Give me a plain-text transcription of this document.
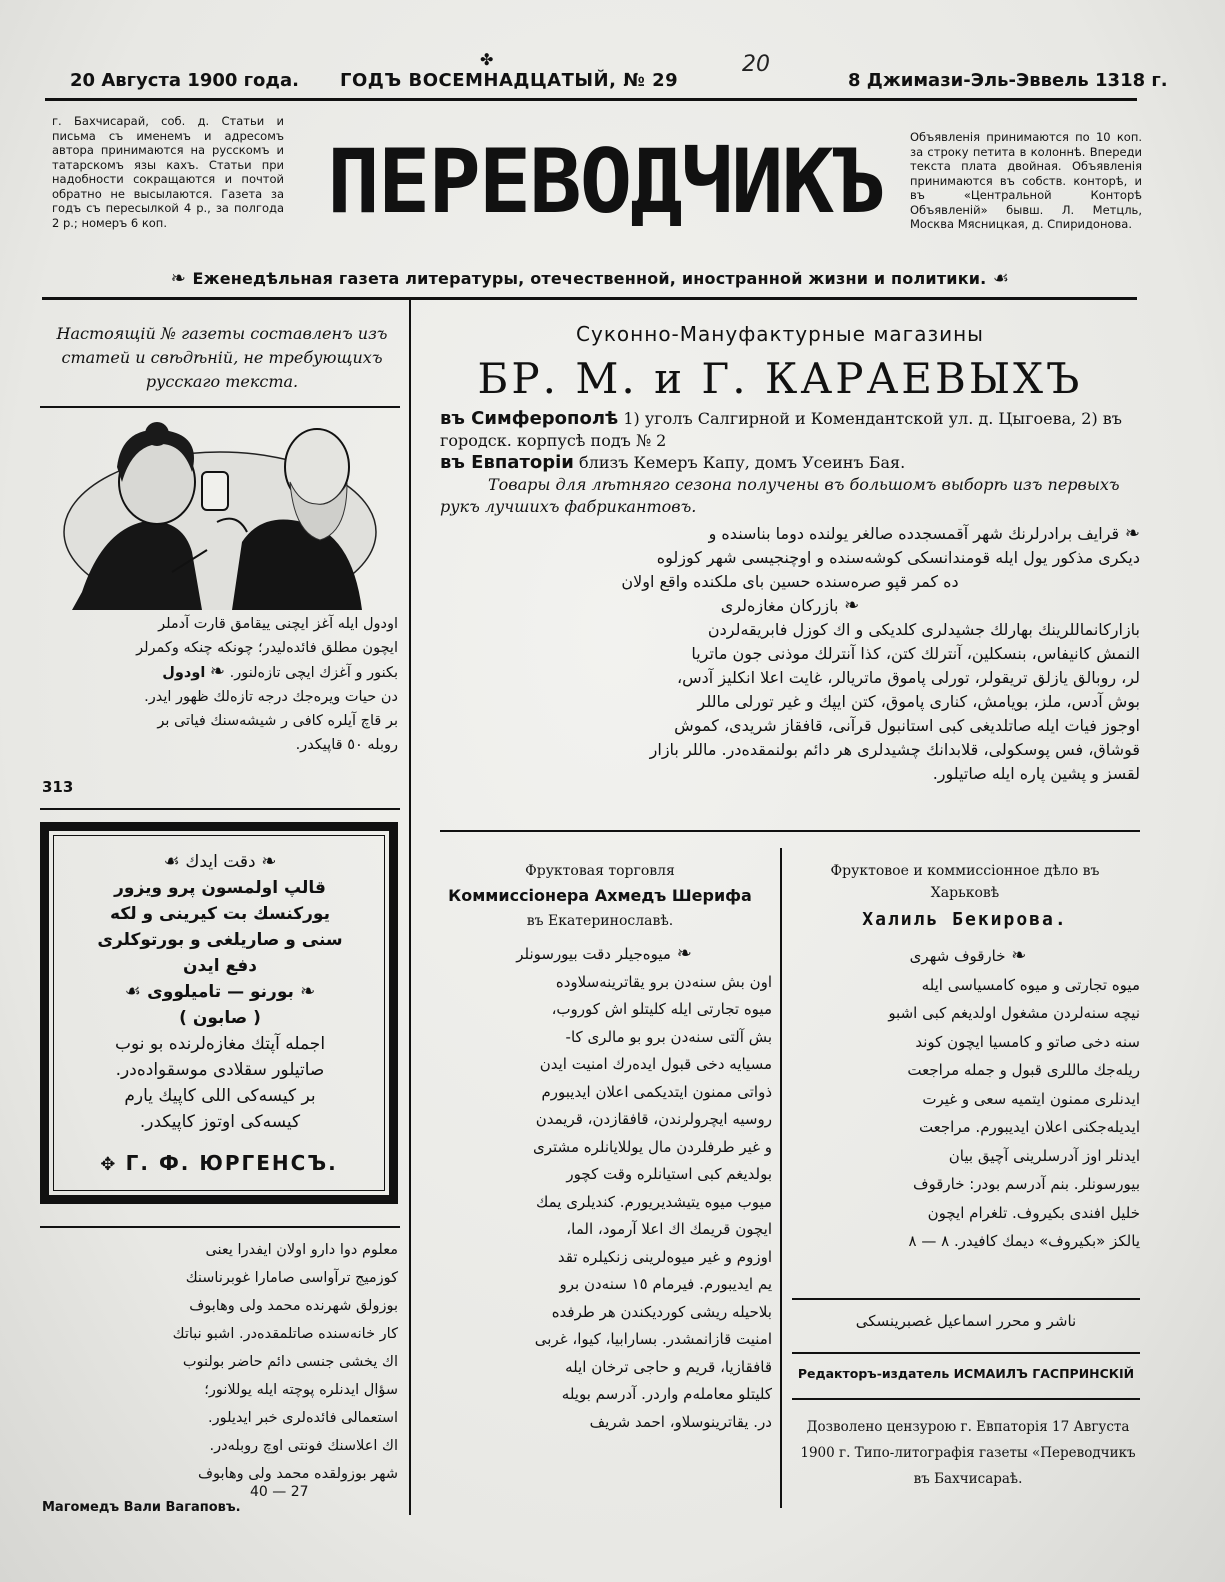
20 Августа 1900 года. ГОДЪ ВОСЕМНАДЦАТЫЙ, № 29
20
8 Джимази-Эль-Эввель 1318 г.
✤
г. Бахчисарай, соб. д. Статьи и письма съ именемъ и адресомъ автора принимаются на русскомъ и татарскомъ язы кахъ. Статьи при надобности сокращаются и почтой обратно не высылаются. Газета за годъ съ пересылкой 4 р., за полгода 2 р.; номеръ 6 коп.	ПЕРЕВОДЧИКЪ	Объявленія принимаются по 10 коп. за строку петита в колоннѣ. Впереди текста плата двойная. Объявленія принимаются въ собств. конторѣ, и въ «Центральной Конторѣ Объявленій» бывш. Л. Метцль, Москва Мясницкая, д. Спиридонова.
❧ Еженедѣльная газета литературы, отечественной, иностранной жизни и политики. ☙
Настоящій № газеты составленъ изъ
статей и свѣдѣній, не требующихъ
русскаго текста.
اودول ایله آغز ایچنی ییقامق قارت آدملر
ایچون مطلق فائدەلیدر؛ چونکه چنکه وکمرلر
بکنور و آغزك ایچی تازەلنور. ❧ اودول
دن حیات ویرەجك درجه تازەلك ظهور ایدر.
بر قاچ آیلره کافی ر شیشەسنك فیاتی بر
روبله ٥٠ قاپیکدر.
313
❧ دقت ایدك ☙
قالپ اولمسون پرو ویزور
یورکنسك بت کیرینی و لکه
سنی و صاریلغی و بورتوکلری
دفع ایدن
❧ بورنو — تامیلووی ☙
( صابون )
اجمله آپتك مغازەلرنده بو نوب
صاتیلور سقلادی موسقوادەدر.
بر کیسەکی اللی کاپیك یارم
کیسەکی اوتوز کاپیکدر.
✥ Г. Ф. ЮРГЕНСЪ.
معلوم دوا دارو اولان ایفدرا یعنی
کوزمیج ترآواسی صامارا غوبرناسنك
بوزولق شهرنده محمد ولی وهابوف
کار خانەسنده صاتلمقدەدر. اشبو نباتك
اك یخشی جنسی دائم حاضر بولنوب
سؤال ایدنلره پوچته ایله یوللانور؛
استعمالی فائدەلری خبر ایدیلور.
اك اعلاسنك فونتی اوچ روبلەدر.
شهر بوزولقده محمد ولی وهابوف
40 — 27
Магомедъ Вали Вагаповъ.
Суконно-Мануфактурные магазины
БР. М. и Г. КАРАЕВЫХЪ
въ Симферополѣ 1) уголъ Салгирной и Комендантской ул. д. Цыгоева, 2) въ городск. корпусѣ подъ № 2
въ Евпаторіи близъ Кемеръ Капу, домъ Усеинъ Бая.
Товары для лѣтняго сезона получены въ большомъ выборѣ изъ первыхъ рукъ лучшихъ фабрикантовъ.
❧ قرایف برادرلرنك شهر آقمسجدده صالغر یولنده دوما بناسنده و
دیکری مذکور یول ایله قومندانسکی کوشەسنده و اوچنجیسی شهر کوزلوه
ده کمر قپو صرەسنده حسین بای ملکنده واقع اولان
❧ بازرکان مغازەلری
بازارکانماللرینك بهارلك جشیدلری کلدیکی و اك کوزل فابریقەلردن
النمش کانیفاس، بنسکلین، آنترلك کتن، کذا آنترلك موذنی جون ماتریا
لر، روبالق یازلق تریقولر، تورلی پاموق ماتریالر، غایت اعلا انکلیز آدس،
بوش آدس، ملز، بویامش، کناری پاموق، کتن ایپك و غیر تورلی ماللر
اوجوز فیات ایله صاتلدیغی کبی استانبول قرآنی، قافقاز شریدی، کموش
قوشاق، فس پوسکولی، قلابدانك چشیدلری هر دائم بولنمقدەدر. ماللر بازار
لقسز و پشین پاره ایله صاتیلور.
Фруктовая торговля
Коммиссіонера Ахмедъ Шерифа
въ Екатеринославѣ.
❧ میوەجیلر دقت بیورسونلر
اون بش سنەدن برو یقاترینەسلاوده
میوه تجارتی ایله کلیتلو اش کوروب،
بش آلتی سنەدن برو بو مالری کا-
مسیایه دخی قبول ایدەرك امنیت ایدن
ذواتی ممنون ایتدیکمی اعلان ایدیبورم
روسیه ایچرولرندن، قافقازدن، قریمدن
و غیر طرفلردن مال یوللایانلره مشتری
بولدیغم کبی استیانلره وقت کچور
میوب میوه یتیشدیریورم. کندیلری یمك
ایچون قریمك اك اعلا آرمود، الما،
اوزوم و غیر میوەلرینی زنکیلره تقد
یم ایدیبورم. فیرمام ١٥ سنەدن برو
بلاحیله ریشی کوردیکندن هر طرفده
امنیت قازانمشدر. بسارابیا، کیوا، غربی
قافقازیا، قریم و حاجی ترخان ایله
کلیتلو معاملەم واردر. آدرسم بویله
در. یقاترینوسلاو، احمد شریف
Фруктовое и коммиссіонное дѣло въ
Харьковѣ
Халиль Бекирова.
❧ خارقوف شهری
میوه تجارتی و میوه کامسیاسی ایله
نیچه سنەلردن مشغول اولدیغم کبی اشبو
سنه دخی صاتو و کامسیا ایچون کوند
ریلەجك ماللری قبول و جمله مراجعت
ایدنلری ممنون ایتمیه سعی و غیرت
ایدیلەجکنی اعلان ایدیبورم. مراجعت
ایدنلر اوز آدرسلرینی آچیق بیان
بیورسونلر. بنم آدرسم بودر: خارقوف
خلیل افندی بکیروف. تلغرام ایچون
یالکز «بکیروف» دیمك کافیدر. ٨ — ٨
ناشر و محرر اسماعیل غصبرینسکی
Редакторъ-издатель ИСМАИЛЪ ГАСПРИНСКІЙ
Дозволено цензурою г. Евпаторія 17 Августа 1900 г. Типо-литографія газеты «Переводчикъ въ Бахчисараѣ.
